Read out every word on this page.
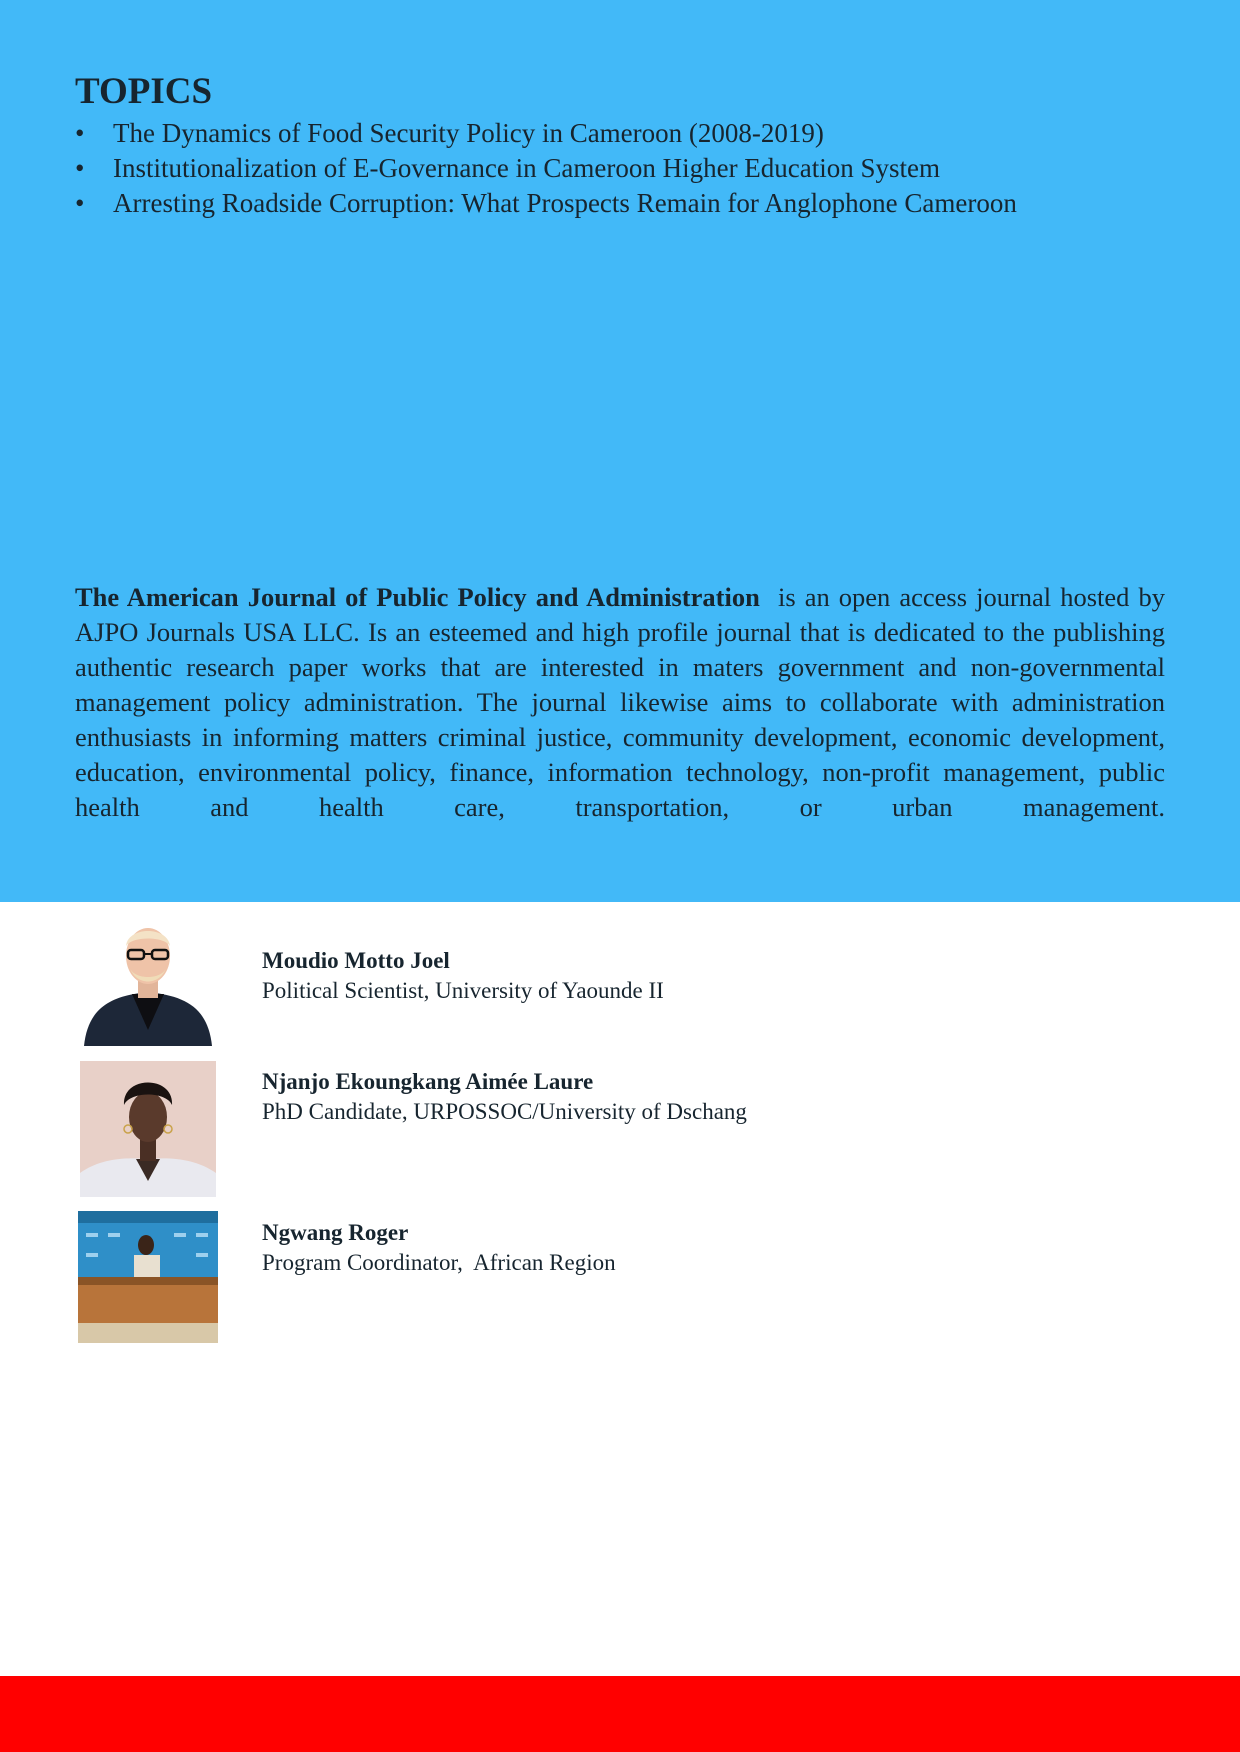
TOPICS
• The Dynamics of Food Security Policy in Cameroon (2008-2019)
• Institutionalization of E-Governance in Cameroon Higher Education System
• Arresting Roadside Corruption: What Prospects Remain for Anglophone Cameroon

The American Journal of Public Policy and Administration is an open access journal hosted by AJPO Journals USA LLC. Is an esteemed and high profile journal that is dedicated to the publishing authentic research paper works that are interested in maters government and non-governmental management policy administration. The journal likewise aims to collaborate with administration enthusiasts in informing matters criminal justice, community development, economic development, education, environmental policy, finance, information technology, non-profit management, public health and health care, transportation, or urban management.

Moudio Motto Joel
Political Scientist, University of Yaounde II
Njanjo Ekoungkang Aimée Laure
PhD Candidate, URPOSSOC/University of Dschang
Ngwang Roger
Program Coordinator,  African Region
